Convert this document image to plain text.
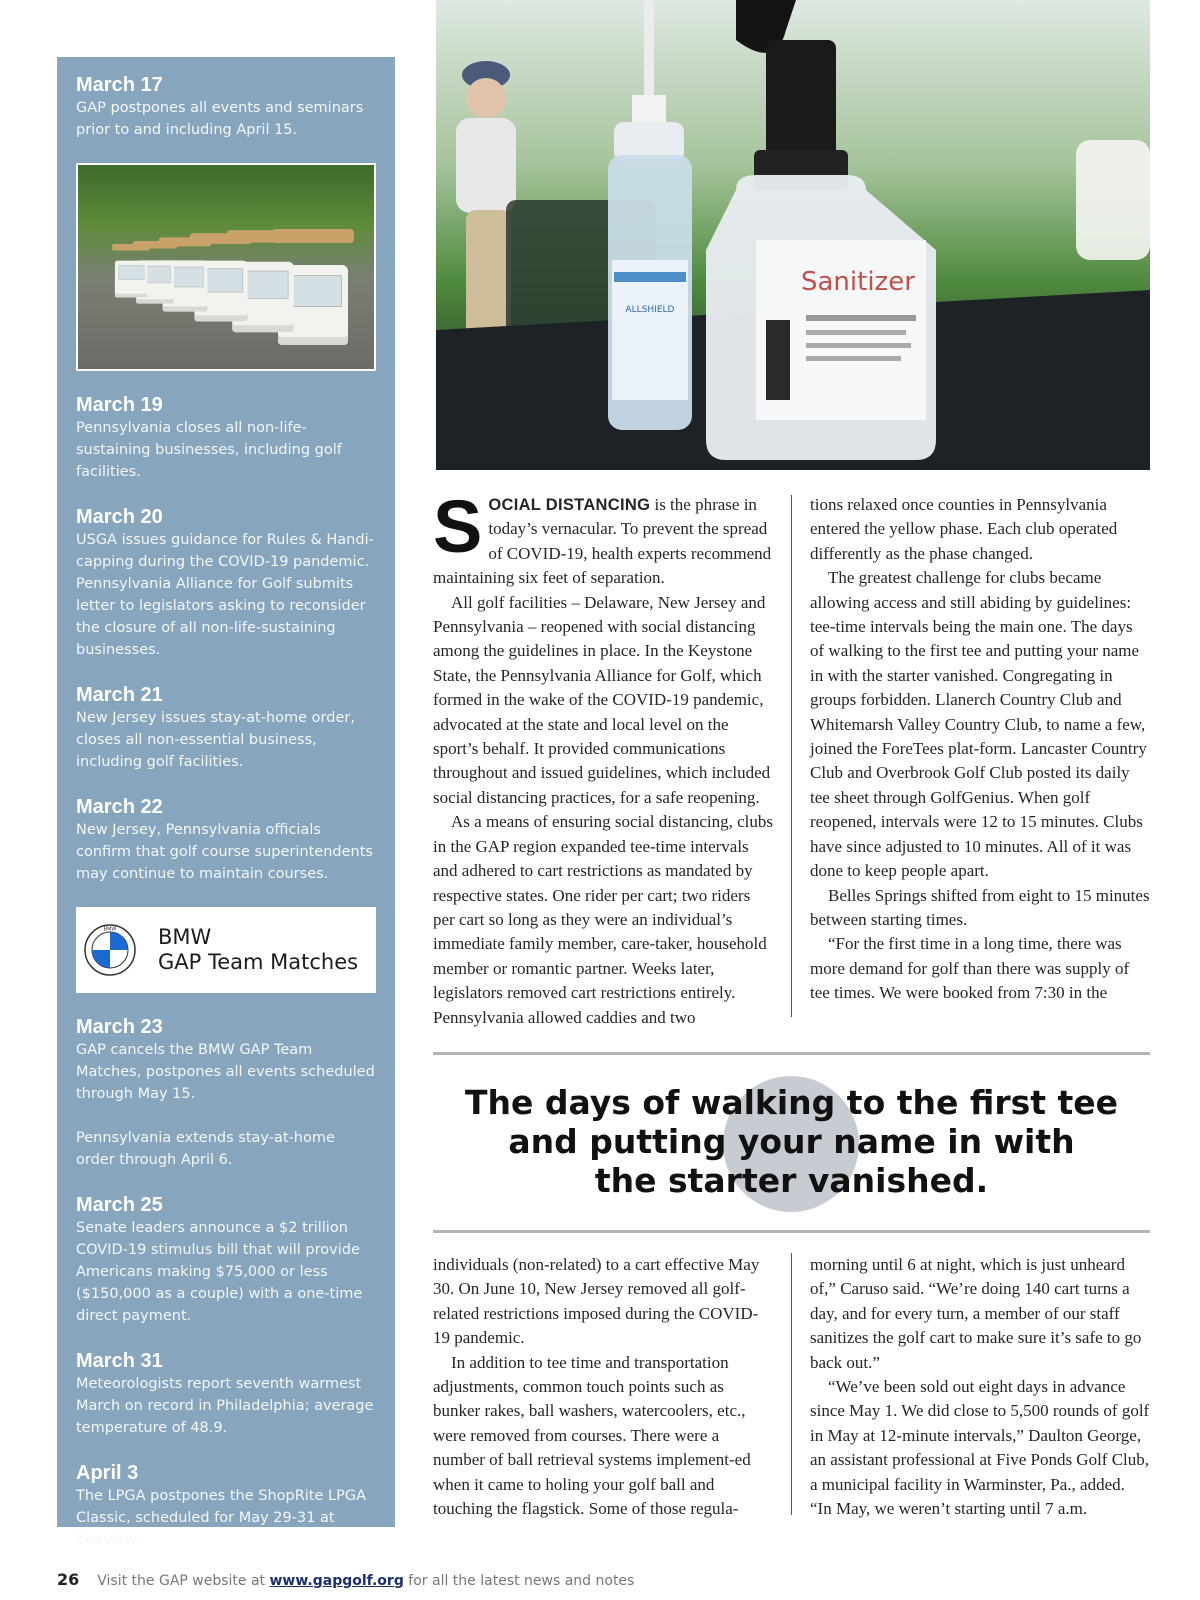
March 17
GAP postpones all events and seminars prior to and including April 15.
March 19
Pennsylvania closes all non-life-sustaining businesses, including golf facilities.
March 20
USGA issues guidance for Rules & Handi-capping during the COVID-19 pandemic. Pennsylvania Alliance for Golf submits letter to legislators asking to reconsider the closure of all non-life-sustaining businesses.
March 21
New Jersey issues stay-at-home order, closes all non-essential business, including golf facilities.
March 22
New Jersey, Pennsylvania officials confirm that golf course superintendents may continue to maintain courses.
BMW BMW
GAP Team Matches
March 23
GAP cancels the BMW GAP Team Matches, postpones all events scheduled through May 15.
Pennsylvania extends stay-at-home order through April 6.
March 25
Senate leaders announce a $2 trillion COVID-19 stimulus bill that will provide Americans making $75,000 or less ($150,000 as a couple) with a one-time direct payment.
March 31
Meteorologists report seventh warmest March on record in Philadelphia; average temperature of 48.9.
April 3
The LPGA postpones the ShopRite LPGA Classic, scheduled for May 29-31 at Seaview.
ALLSHIELD
Sanitizer

SOCIAL DISTANCING is the phrase in today’s vernacular. To prevent the spread of COVID-19, health experts recommend maintaining six feet of separation.

All golf facilities – Delaware, New Jersey and Pennsylvania – reopened with social distancing among the guidelines in place. In the Keystone State, the Pennsylvania Alliance for Golf, which formed in the wake of the COVID-19 pandemic, advocated at the state and local level on the sport’s behalf. It provided communications throughout and issued guidelines, which included social distancing practices, for a safe reopening.

As a means of ensuring social distancing, clubs in the GAP region expanded tee-time intervals and adhered to cart restrictions as mandated by respective states. One rider per cart; two riders per cart so long as they were an individual’s immediate family member, care-taker, household member or romantic partner. Weeks later, legislators removed cart restrictions entirely. Pennsylvania allowed caddies and two

tions relaxed once counties in Pennsylvania entered the yellow phase. Each club operated differently as the phase changed.

The greatest challenge for clubs became allowing access and still abiding by guidelines: tee-time intervals being the main one. The days of walking to the first tee and putting your name in with the starter vanished. Congregating in groups forbidden. Llanerch Country Club and Whitemarsh Valley Country Club, to name a few, joined the ForeTees plat-form. Lancaster Country Club and Overbrook Golf Club posted its daily tee sheet through GolfGenius. When golf reopened, intervals were 12 to 15 minutes. Clubs have since adjusted to 10 minutes. All of it was done to keep people apart.

Belles Springs shifted from eight to 15 minutes between starting times.

“For the first time in a long time, there was more demand for golf than there was supply of tee times. We were booked from 7:30 in the

The days of walking to the first tee
and putting your name in with
the starter vanished.

individuals (non-related) to a cart effective May 30. On June 10, New Jersey removed all golf-related restrictions imposed during the COVID-19 pandemic.

In addition to tee time and transportation adjustments, common touch points such as bunker rakes, ball washers, watercoolers, etc., were removed from courses. There were a number of ball retrieval systems implement-ed when it came to holing your golf ball and touching the flagstick. Some of those regula-

morning until 6 at night, which is just unheard of,” Caruso said. “We’re doing 140 cart turns a day, and for every turn, a member of our staff sanitizes the golf cart to make sure it’s safe to go back out.”

“We’ve been sold out eight days in advance since May 1. We did close to 5,500 rounds of golf in May at 12-minute intervals,” Daulton George, an assistant professional at Five Ponds Golf Club, a municipal facility in Warminster, Pa., added. “In May, we weren’t starting until 7 a.m.

26 Visit the GAP website at www.gapgolf.org for all the latest news and notes
